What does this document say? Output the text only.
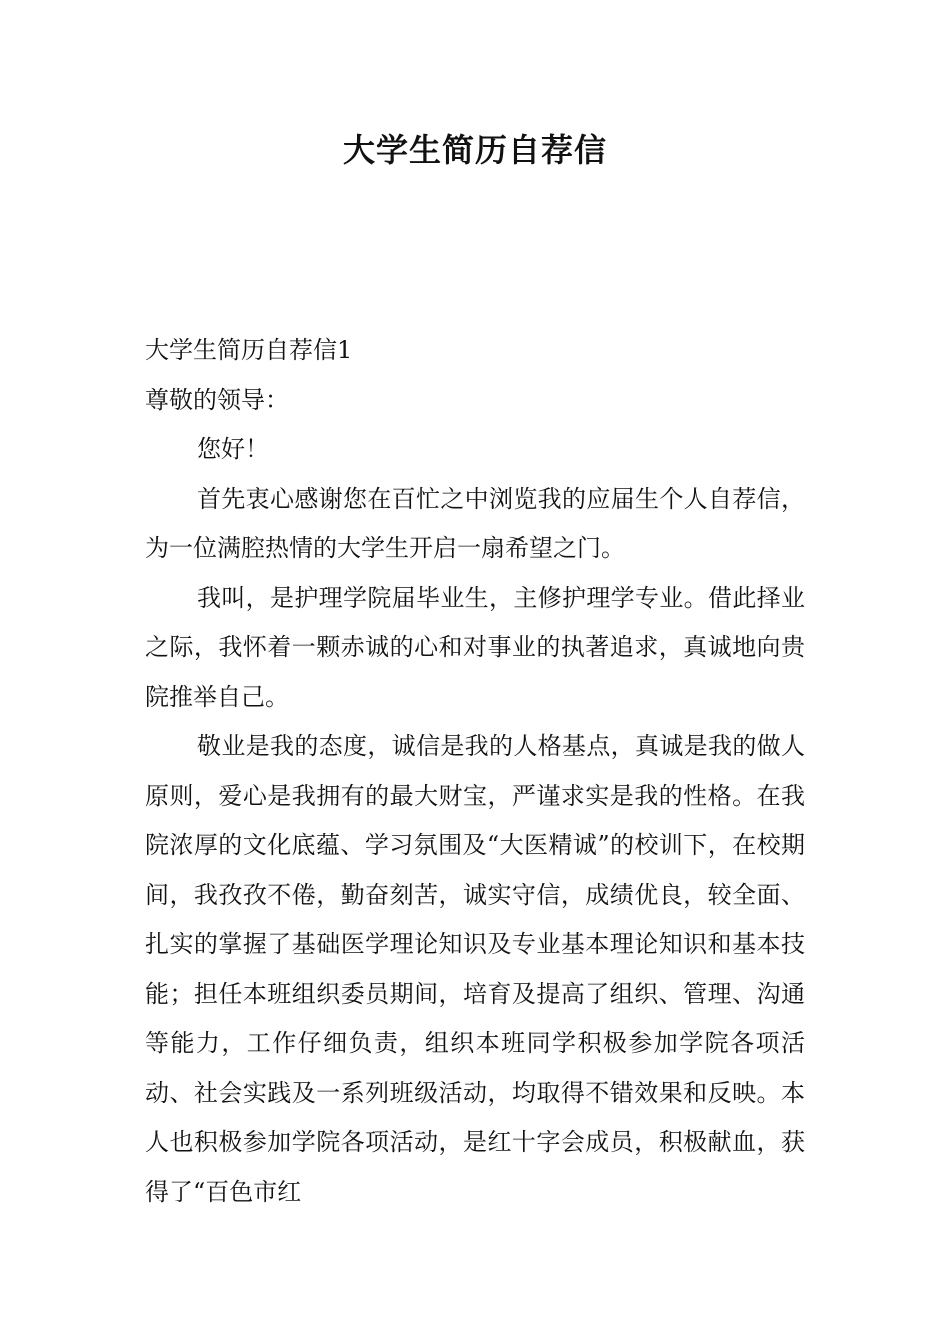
大学生简历自荐信

大学生简历自荐信1

尊敬的领导：

您好！

首先衷心感谢您在百忙之中浏览我的应届生个人自荐信，为一位满腔热情的大学生开启一扇希望之门。

我叫，是护理学院届毕业生，主修护理学专业。借此择业之际，我怀着一颗赤诚的心和对事业的执著追求，真诚地向贵院推举自己。

敬业是我的态度，诚信是我的人格基点，真诚是我的做人原则，爱心是我拥有的最大财宝，严谨求实是我的性格。在我院浓厚的文化底蕴、学习氛围及“大医精诚”的校训下，在校期间，我孜孜不倦，勤奋刻苦，诚实守信，成绩优良，较全面、扎实的掌握了基础医学理论知识及专业基本理论知识和基本技能；担任本班组织委员期间，培育及提高了组织、管理、沟通等能力，工作仔细负责，组织本班同学积极参加学院各项活动、社会实践及一系列班级活动，均取得不错效果和反映。本人也积极参加学院各项活动，是红十字会成员，积极献血，获得了“百色市红
